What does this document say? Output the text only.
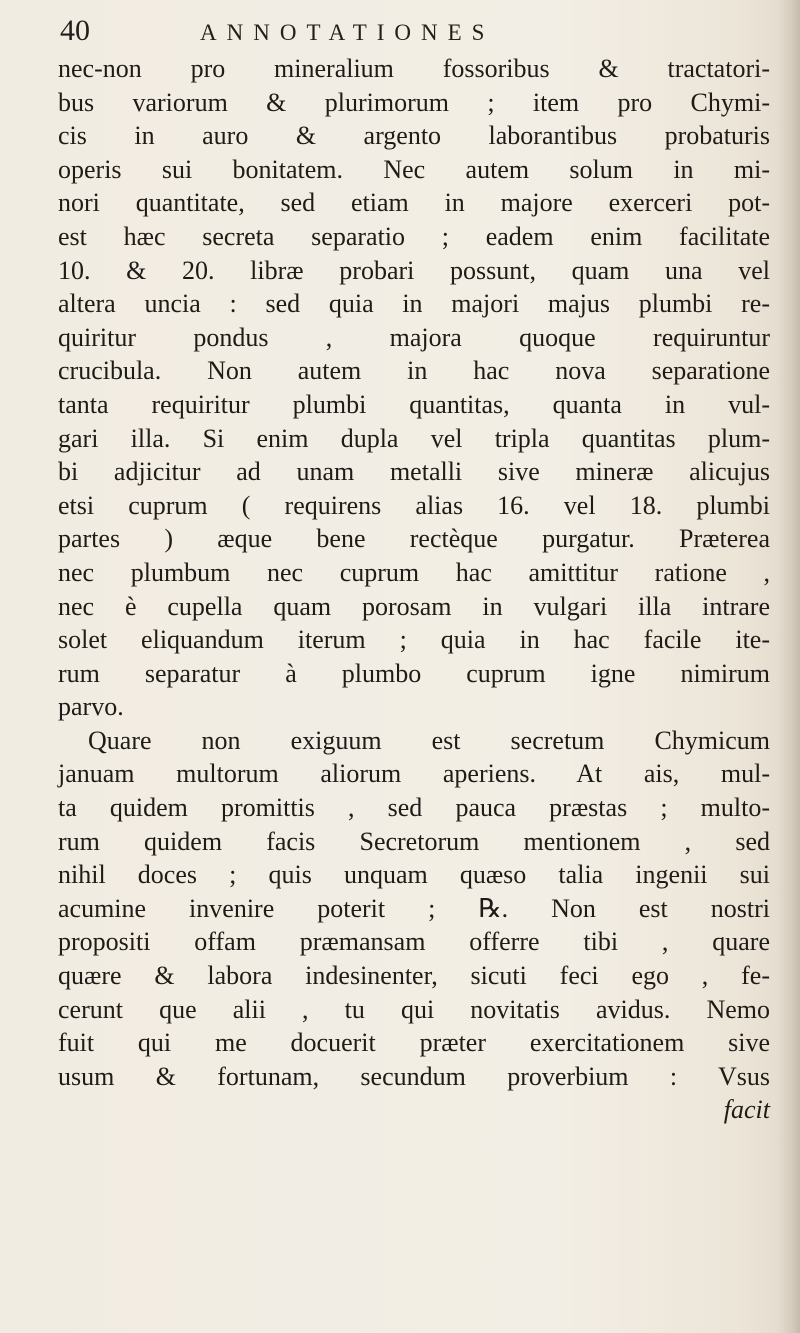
40	ANNOTATIONES
nec-non pro mineralium fossoribus & tractatori-
bus variorum & plurimorum ; item pro Chymi-
cis in auro & argento laborantibus probaturis
operis sui bonitatem. Nec autem solum in mi-
nori quantitate, sed etiam in majore exerceri pot-
est hæc secreta separatio ; eadem enim facilitate
10. & 20. libræ probari possunt, quam una vel
altera uncia : sed quia in majori majus plumbi re-
quiritur pondus , majora quoque requiruntur
crucibula. Non autem in hac nova separatione
tanta requiritur plumbi quantitas, quanta in vul-
gari illa. Si enim dupla vel tripla quantitas plum-
bi adjicitur ad unam metalli sive mineræ alicujus
etsi cuprum ( requirens alias 16. vel 18. plumbi
partes ) æque bene rectèque purgatur. Præterea
nec plumbum nec cuprum hac amittitur ratione ,
nec è cupella quam porosam in vulgari illa intrare
solet eliquandum iterum ; quia in hac facile ite-
rum separatur à plumbo cuprum igne nimirum
parvo.
Quare non exiguum est secretum Chymicum
januam multorum aliorum aperiens. At ais, mul-
ta quidem promittis , sed pauca præstas ; multo-
rum quidem facis Secretorum mentionem , sed
nihil doces ; quis unquam quæso talia ingenii sui
acumine invenire poterit ; ℞. Non est nostri
propositi offam præmansam offerre tibi , quare
quære & labora indesinenter, sicuti feci ego , fe-
cerunt que alii , tu qui novitatis avidus. Nemo
fuit qui me docuerit præter exercitationem sive
usum & fortunam, secundum proverbium : Vsus
facit
